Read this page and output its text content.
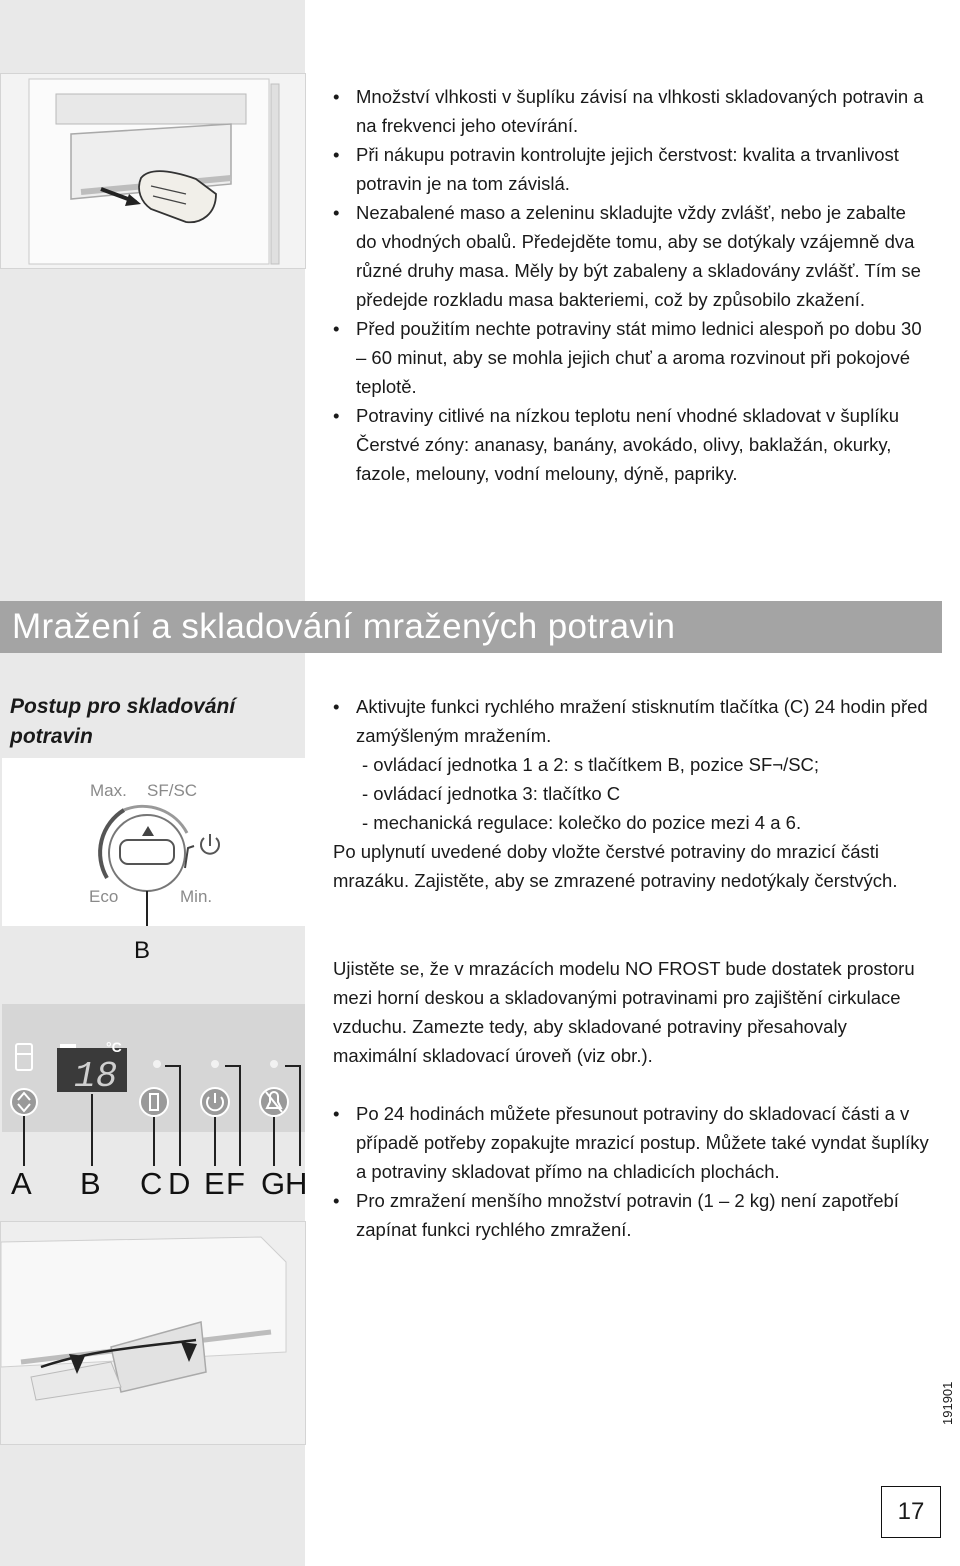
• Množství vlhkosti v šuplíku závisí na vlhkosti skladovaných potravin a na frekvenci jeho otevírání.
• Při nákupu potravin kontrolujte jejich čerstvost: kvalita a trvanlivost potravin je na tom závislá.
• Nezabalené maso a zeleninu skladujte vždy zvlášť, nebo je zabalte do vhodných obalů. Předejděte tomu, aby se dotýkaly vzájemně dva různé druhy masa. Měly by být zabaleny a skladovány zvlášť. Tím se předejde rozkladu masa bakteriemi, což by způsobilo zkažení.
• Před použitím nechte potraviny stát mimo lednici alespoň po dobu 30 – 60 minut, aby se mohla jejich chuť a aroma rozvinout při pokojové teplotě.
• Potraviny citlivé na nízkou teplotu není vhodné skladovat v šuplíku Čerstvé zóny: ananasy, banány, avokádo, olivy, baklažán, okurky, fazole, melouny, vodní melouny, dýně, papriky.
Mražení a skladování mražených potravin
Postup pro skladování potravin
Max. SF/SC
Eco	Min.
B
18
°C
A B C D E F G H
• Aktivujte funkci rychlého mražení stisknutím tlačítka (C) 24 hodin před zamýšleným mražením.
- ovládací jednotka 1 a 2: s tlačítkem B, pozice SF¬/SC;
- ovládací jednotka 3: tlačítko C
- mechanická regulace: kolečko do pozice mezi 4 a 6.
Po uplynutí uvedené doby vložte čerstvé potraviny do mrazicí části mrazáku. Zajistěte, aby se zmrazené potraviny nedotýkaly čerstvých.
Ujistěte se, že v mrazácích modelu NO FROST bude dostatek prostoru mezi horní deskou a skladovanými potravinami pro zajištění cirkulace vzduchu. Zamezte tedy, aby skladované potraviny přesahovaly maximální skladovací úroveň (viz obr.).
• Po 24 hodinách můžete přesunout potraviny do skladovací části a v případě potřeby zopakujte mrazicí postup. Můžete také vyndat šuplíky a potraviny skladovat přímo na chladicích plochách.
• Pro zmražení menšího množství potravin (1 – 2 kg) není zapotřebí zapínat funkci rychlého zmražení.
191901
17
